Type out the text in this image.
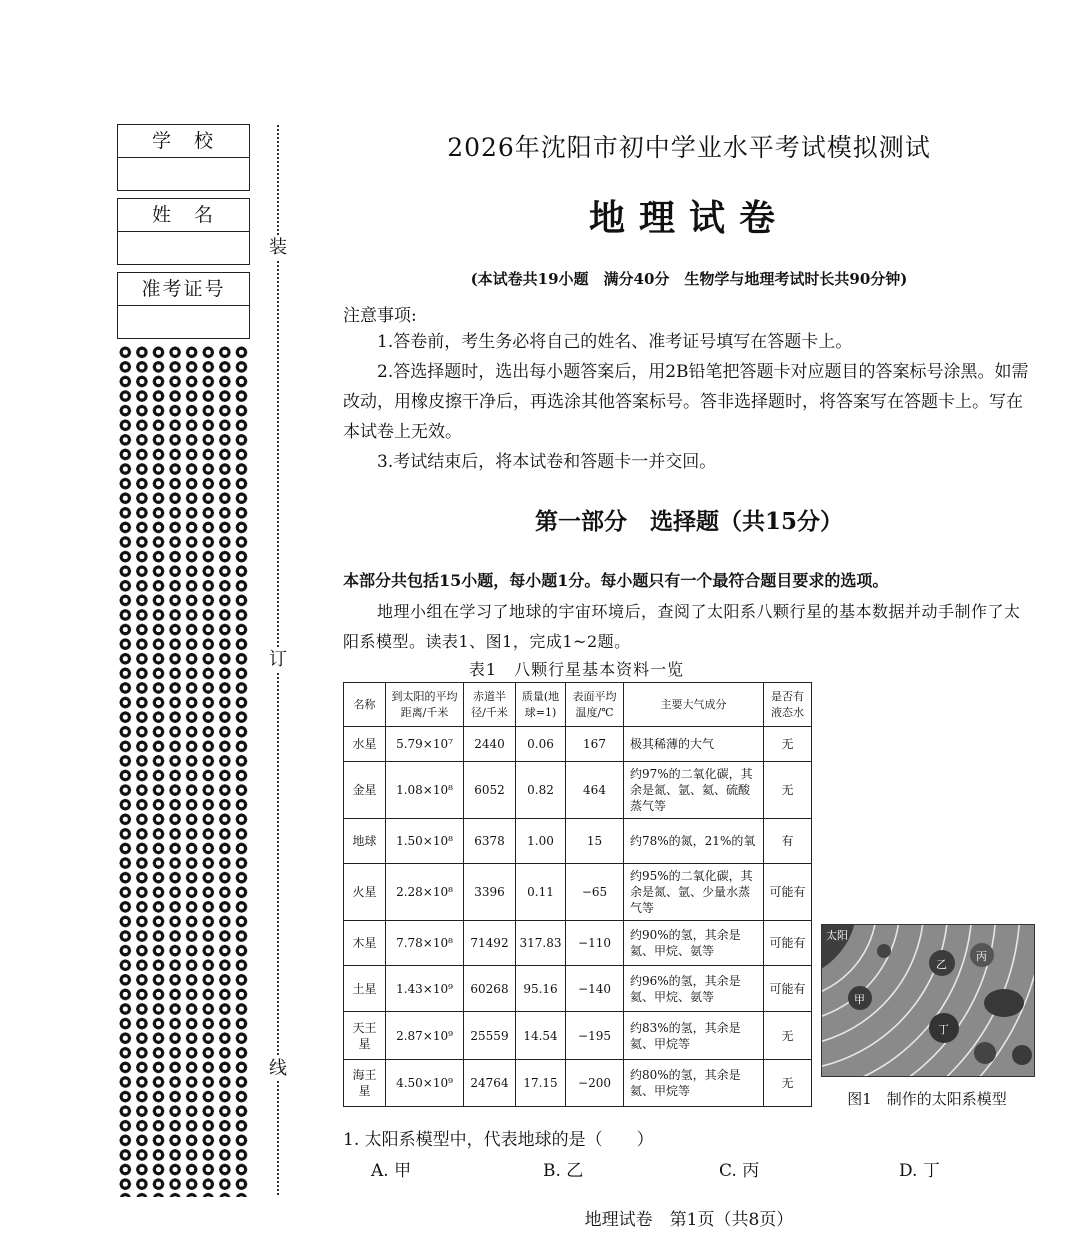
学　校
姓　名
准考证号
装
订
线
2026年沈阳市初中学业水平考试模拟测试
地理试卷
(本试卷共19小题　满分40分　生物学与地理考试时长共90分钟)
注意事项:
1.答卷前，考生务必将自己的姓名、准考证号填写在答题卡上。
2.答选择题时，选出每小题答案后，用2B铅笔把答题卡对应题目的答案标号涂黑。如需改动，用橡皮擦干净后，再选涂其他答案标号。答非选择题时，将答案写在答题卡上。写在本试卷上无效。
3.考试结束后，将本试卷和答题卡一并交回。
第一部分　选择题（共15分）
本部分共包括15小题，每小题1分。每小题只有一个最符合题目要求的选项。
地理小组在学习了地球的宇宙环境后，查阅了太阳系八颗行星的基本数据并动手制作了太阳系模型。读表1、图1，完成1~2题。
表1　八颗行星基本资料一览
名称	到太阳的平均距离/千米	赤道半径/千米	质量(地球=1)	表面平均温度/℃	主要大气成分	是否有液态水
水星	5.79×10⁷	2440	0.06	167	极其稀薄的大气	无
金星	1.08×10⁸	6052	0.82	464	约97%的二氧化碳，其余是氮、氩、氦、硫酸蒸气等	无
地球	1.50×10⁸	6378	1.00	15	约78%的氮，21%的氧	有
火星	2.28×10⁸	3396	0.11	−65	约95%的二氧化碳，其余是氮、氩、少量水蒸气等	可能有
木星	7.78×10⁸	71492	317.83	−110	约90%的氢，其余是氦、甲烷、氨等	可能有
土星	1.43×10⁹	60268	95.16	−140	约96%的氢，其余是氦、甲烷、氨等	可能有
天王星	2.87×10⁹	25559	14.54	−195	约83%的氢，其余是氦、甲烷等	无
海王星	4.50×10⁹	24764	17.15	−200	约80%的氢，其余是氦、甲烷等	无
太阳
甲
乙
丙
丁
图1　制作的太阳系模型
1. 太阳系模型中，代表地球的是（　　）
A. 甲	B. 乙	C. 丙	D. 丁
地理试卷　第1页（共8页）
